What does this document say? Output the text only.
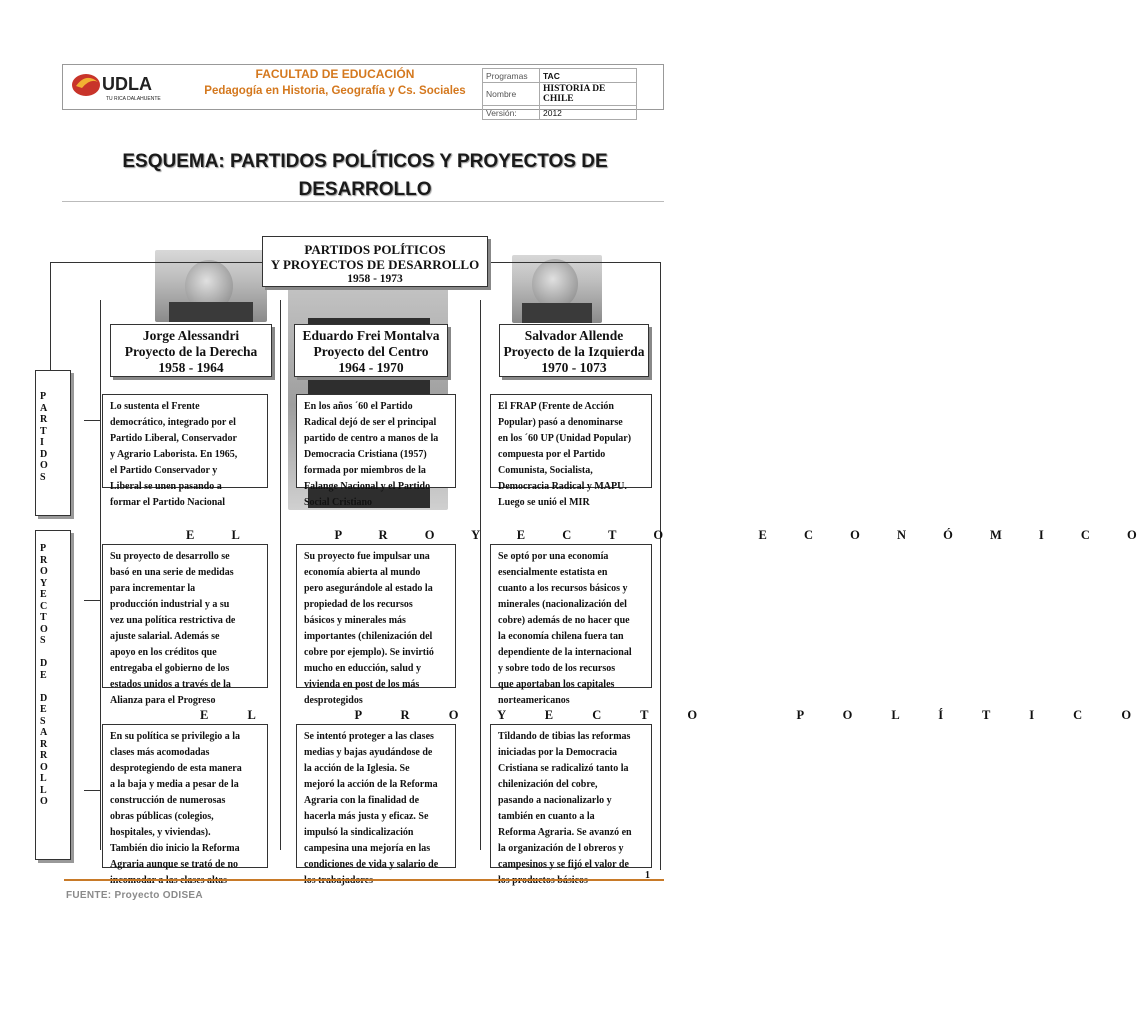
UDLA
TU RICA DALAHUENTE
FACULTAD DE EDUCACIÓN
Pedagogía en Historia, Geografía y Cs. Sociales
Programas	TAC
Nombre	HISTORIA DE CHILE
Versión:	2012
ESQUEMA: PARTIDOS POLÍTICOS Y PROYECTOS DE
DESARROLLO
PARTIDOS POLÍTICOS
Y PROYECTOS DE DESARROLLO
1958 - 1973
Jorge Alessandri
Proyecto de la Derecha
1958 - 1964
Eduardo Frei Montalva
Proyecto del Centro
1964 - 1970
Salvador Allende
Proyecto de la Izquierda
1970 - 1073
P
A
R
T
I
D
O
S
P
R
O
Y
E
C
T
O
S

D
E

D
E
S
A
R
R
O
L
L
O
Lo sustenta el Frente
democrático, integrado por el
Partido Liberal, Conservador
y Agrario Laborista. En 1965,
el Partido Conservador y
Liberal se unen pasando a
formar el Partido Nacional
En los años ´60 el Partido
Radical dejó de ser el principal
partido de centro a manos de la
Democracia Cristiana (1957)
formada por miembros de la
Falange Nacional y el Partido
Social Cristiano
El FRAP (Frente de Acción
Popular) pasó a denominarse
en los ´60 UP (Unidad Popular)
compuesta por el Partido
Comunista, Socialista,
Democracia Radical y MAPU.
Luego se unió el MIR
E L   P R O Y E C T O   E C O N Ó M I C O
Su proyecto de desarrollo se
basó en una serie de medidas
para incrementar la
producción industrial y a su
vez una política restrictiva de
ajuste salarial. Además se
apoyo en los créditos que
entregaba el gobierno de los
estados unidos a través de la
Alianza para el Progreso
Su proyecto fue impulsar una
economía abierta al mundo
pero asegurándole al estado la
propiedad de los recursos
básicos y minerales más
importantes (chilenización del
cobre por ejemplo). Se invirtió
mucho en educción, salud y
vivienda en post de los más
desprotegidos
Se optó por una economía
esencialmente estatista en
cuanto a los recursos básicos y
minerales (nacionalización del
cobre) además de no hacer que
la economía chilena fuera tan
dependiente de la internacional
y sobre todo de los recursos
que aportaban los capitales
norteamericanos
E L   P R O Y E C T O   P O L Í T I C O
En su política se privilegio a la
clases más acomodadas
desprotegiendo de esta manera
a la baja y media a pesar de la
construcción de numerosas
obras públicas (colegios,
hospitales, y viviendas).
También dio inicio la Reforma
Agraria aunque se trató de no
incomodar a las clases altas
Se intentó proteger a las clases
medias y bajas ayudándose de
la acción de la Iglesia. Se
mejoró la acción de la Reforma
Agraria con la finalidad de
hacerla más justa y eficaz. Se
impulsó la sindicalización
campesina una mejoría en las
condiciones de vida y salario de
los trabajadores
Tildando de tibias las reformas
iniciadas por la Democracia
Cristiana se radicalizó tanto la
chilenización del cobre,
pasando a nacionalizarlo y
también en cuanto a la
Reforma Agraria. Se avanzó en
la organización de l obreros y
campesinos y se fijó el valor de
los productos básicos	1
FUENTE: Proyecto ODISEA
